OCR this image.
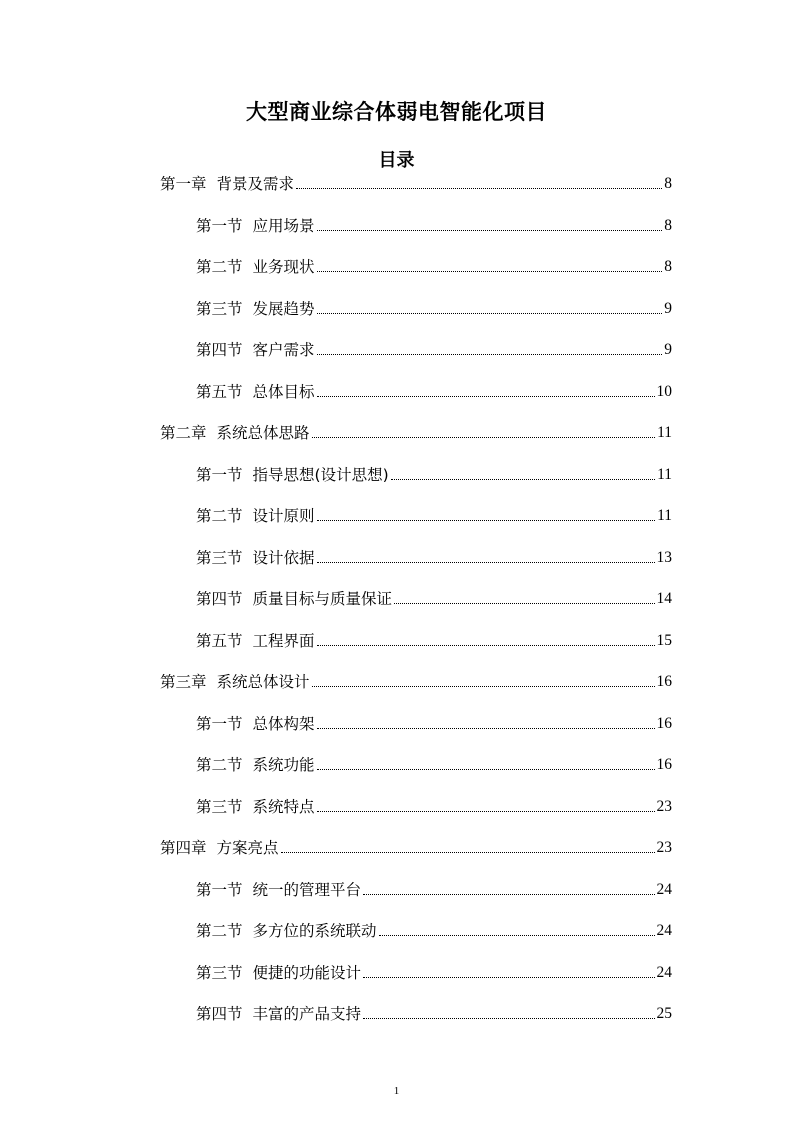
大型商业综合体弱电智能化项目
目录
第一章 背景及需求	8
第一节 应用场景	8
第二节 业务现状	8
第三节 发展趋势	9
第四节 客户需求	9
第五节 总体目标	10
第二章 系统总体思路	11
第一节 指导思想(设计思想)	11
第二节 设计原则	11
第三节 设计依据	13
第四节 质量目标与质量保证	14
第五节 工程界面	15
第三章 系统总体设计	16
第一节 总体构架	16
第二节 系统功能	16
第三节 系统特点	23
第四章 方案亮点	23
第一节 统一的管理平台	24
第二节 多方位的系统联动	24
第三节 便捷的功能设计	24
第四节 丰富的产品支持	25
1
